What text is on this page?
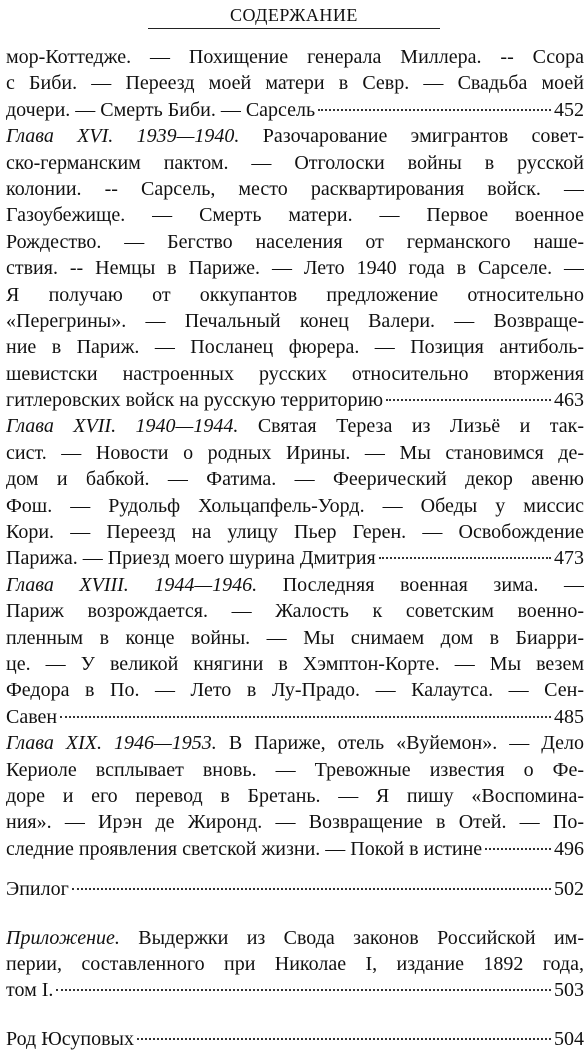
СОДЕРЖАНИЕ
мор-Коттедже. — Похищение генерала Миллера. -- Ссора
с Биби. — Переезд моей матери в Севр. — Свадьба моей
дочери. — Смерть Биби. — Сарсель	452
Глава XVI. 1939—1940. Разочарование эмигрантов совет-
ско-германским пактом. — Отголоски войны в русской
колонии. -- Сарсель, место расквартирования войск. —
Газоубежище. — Смерть матери. — Первое военное
Рождество. — Бегство населения от германского наше-
ствия. -- Немцы в Париже. — Лето 1940 года в Сарселе. —
Я получаю от оккупантов предложение относительно
«Перегрины». — Печальный конец Валери. — Возвраще-
ние в Париж. — Посланец фюрера. — Позиция антиболь-
шевистски настроенных русских относительно вторжения
гитлеровских войск на русскую территорию	463
Глава XVII. 1940—1944. Святая Тереза из Лизьё и так-
сист. — Новости о родных Ирины. — Мы становимся де-
дом и бабкой. — Фатима. — Феерический декор авеню
Фош. — Рудольф Хольцапфель-Уорд. — Обеды у миссис
Кори. — Переезд на улицу Пьер Герен. — Освобождение
Парижа. — Приезд моего шурина Дмитрия	473
Глава XVIII. 1944—1946. Последняя военная зима. —
Париж возрождается. — Жалость к советским военно-
пленным в конце войны. — Мы снимаем дом в Биарри-
це. — У великой княгини в Хэмптон-Корте. — Мы везем
Федора в По. — Лето в Лу-Прадо. — Калаутса. — Сен-
Савен	485
Глава XIX. 1946—1953. В Париже, отель «Вуйемон». — Дело
Кериоле всплывает вновь. — Тревожные известия о Фе-
доре и его перевод в Бретань. — Я пишу «Воспомина-
ния». — Ирэн де Жиронд. — Возвращение в Отей. — По-
следние проявления светской жизни. — Покой в истине	496
Эпилог	502
Приложение. Выдержки из Свода законов Российской им-
перии, составленного при Николае I, издание 1892 года,
том I.	503
Род Юсуповых	504
